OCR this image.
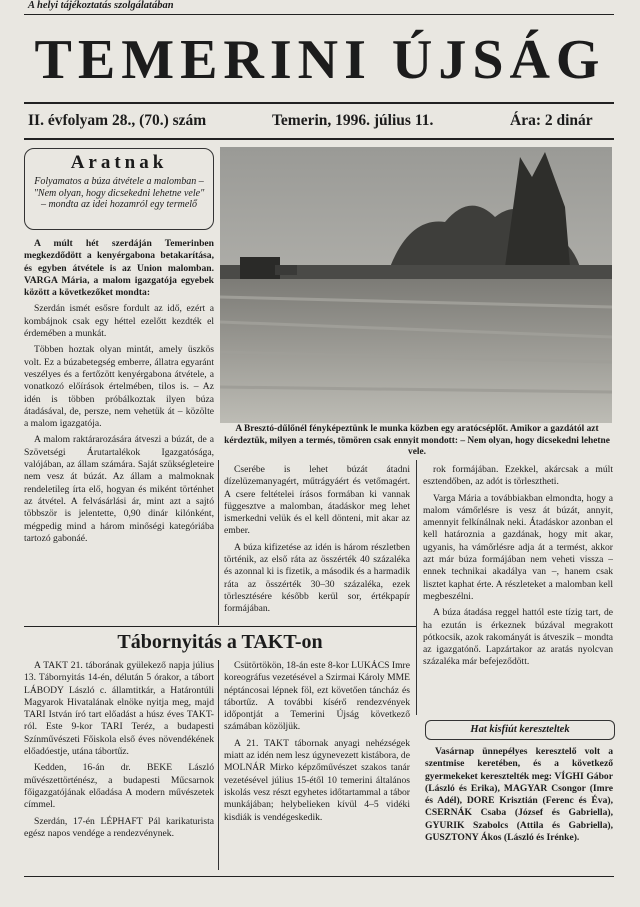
A helyi tájékoztatás szolgálatában
TEMERINI ÚJSÁG
II. évfolyam 28., (70.) szám	Temerin, 1996. július 11.	Ára: 2 dinár
Aratnak
Folyamatos a búza átvétele a malomban – "Nem olyan, hogy dicsekedni lehetne vele" – mondta az idei hozamról egy termelő
A Bresztó-dűlőnél fényképeztünk le munka közben egy aratócséplőt. Amikor a gazdától azt kérdeztük, milyen a termés, tömören csak ennyit mondott: – Nem olyan, hogy dicsekedni lehetne vele.

A múlt hét szerdáján Temerinben megkezdődött a kenyérgabona betakarítása, és egyben átvétele is az Union malomban. VARGA Mária, a malom igazgatója egyebek között a következőket mondta:

Szerdán ismét esősre fordult az idő, ezért a kombájnok csak egy héttel ezelőtt kezdték el érdemében a munkát.

Többen hoztak olyan mintát, amely üszkös volt. Ez a búzabetegség emberre, állatra egyaránt veszélyes és a fertőzött kenyérgabona átvétele, a vonatkozó előírások értelmében, tilos is. – Az idén is többen próbálkoztak ilyen búza átadásával, de, persze, nem vehetük át – közölte a malom igazgatója.

A malom raktárarozására átveszi a búzát, de a Szövetségi Árutartalékok Igazgatósága, valójában, az állam számára. Saját szükségleteire nem vesz át búzát. Az állam a malmoknak rendeletileg írta elő, hogyan és miként történhet az átvétel. A felvásárlási ár, mint azt a sajtó többször is jelentette, 0,90 dinár kilónként, mégpedig mind a három minőségi kategóriába tartozó gabonáé.

Cserébe is lehet búzát átadni dízelüzemanyagért, műtrágyáért és vetőmagért. A csere feltételei írásos formában ki vannak függesztve a malomban, átadáskor meg lehet ismerkedni velük és el kell dönteni, mit akar az ember.

A búza kifizetése az idén is három részletben történik, az első ráta az összérték 40 százaléka és azonnal ki is fizetik, a második és a harmadik ráta az összérték 30–30 százaléka, ezek törlesztésére később kerül sor, értékpapír formájában.

rok formájában. Ezekkel, akárcsak a múlt esztendőben, az adót is törlesztheti.

Varga Mária a továbbiakban elmondta, hogy a malom vámőrlésre is vesz át búzát, annyit, amennyit felkínálnak neki. Átadáskor azonban el kell határoznia a gazdának, hogy mit akar, ugyanis, ha vámőrlésre adja át a termést, akkor azt már búza formájában nem veheti vissza – ennek technikai akadálya van –, hanem csak lisztet kaphat érte. A részleteket a malomban kell megbeszélni.

A búza átadása reggel hattól este tízig tart, de ha ezután is érkeznek búzával megrakott pótkocsik, azok rakományát is átveszik – mondta az igazgatónő. Lapzártakor az aratás nyolcvan százaléka már befejeződött.

Tábornyitás a TAKT-on

A TAKT 21. táborának gyülekező napja július 13. Tábornyitás 14-én, délután 5 órakor, a tábort LÁBODY László c. államtitkár, a Határontúli Magyarok Hivatalának elnöke nyitja meg, majd TARI István író tart előadást a húsz éves TAKT-ról. Este 9-kor TARI Teréz, a budapesti Színművészeti Főiskola első éves növendékének előadóestje, utána tábortűz.

Kedden, 16-án dr. BEKE László művészettörténész, a budapesti Műcsarnok főigazgatójának előadása A modern művészetek címmel.

Szerdán, 17-én LÉPHAFT Pál karikaturista egész napos vendége a rendezvénynek.

Csütörtökön, 18-án este 8-kor LUKÁCS Imre koreográfus vezetésével a Szirmai Károly MME néptáncosai lépnek föl, ezt követően táncház és tábortűz. A további kísérő rendezvények időpontját a Temerini Újság következő számában közöljük.

A 21. TAKT tábornak anyagi nehézségek miatt az idén nem lesz úgynevezett kistábora, de MOLNÁR Mirko képzőművészet szakos tanár vezetésével július 15-étől 10 temerini általános iskolás vesz részt egyhetes időtartammal a tábor munkájában; helybelieken kívül 4–5 vidéki kisdiák is vendégeskedik.

Hat kisfiút kereszteltek

Vasárnap ünnepélyes keresztelő volt a szentmise keretében, és a következő gyermekeket keresztelték meg: VÍGHI Gábor (László és Erika), MAGYAR Csongor (Imre és Adél), DORE Krisztián (Ferenc és Éva), CSERNÁK Csaba (József és Gabriella), GYURIK Szabolcs (Attila és Gabriella), GUSZTONY Ákos (László és Irénke).
